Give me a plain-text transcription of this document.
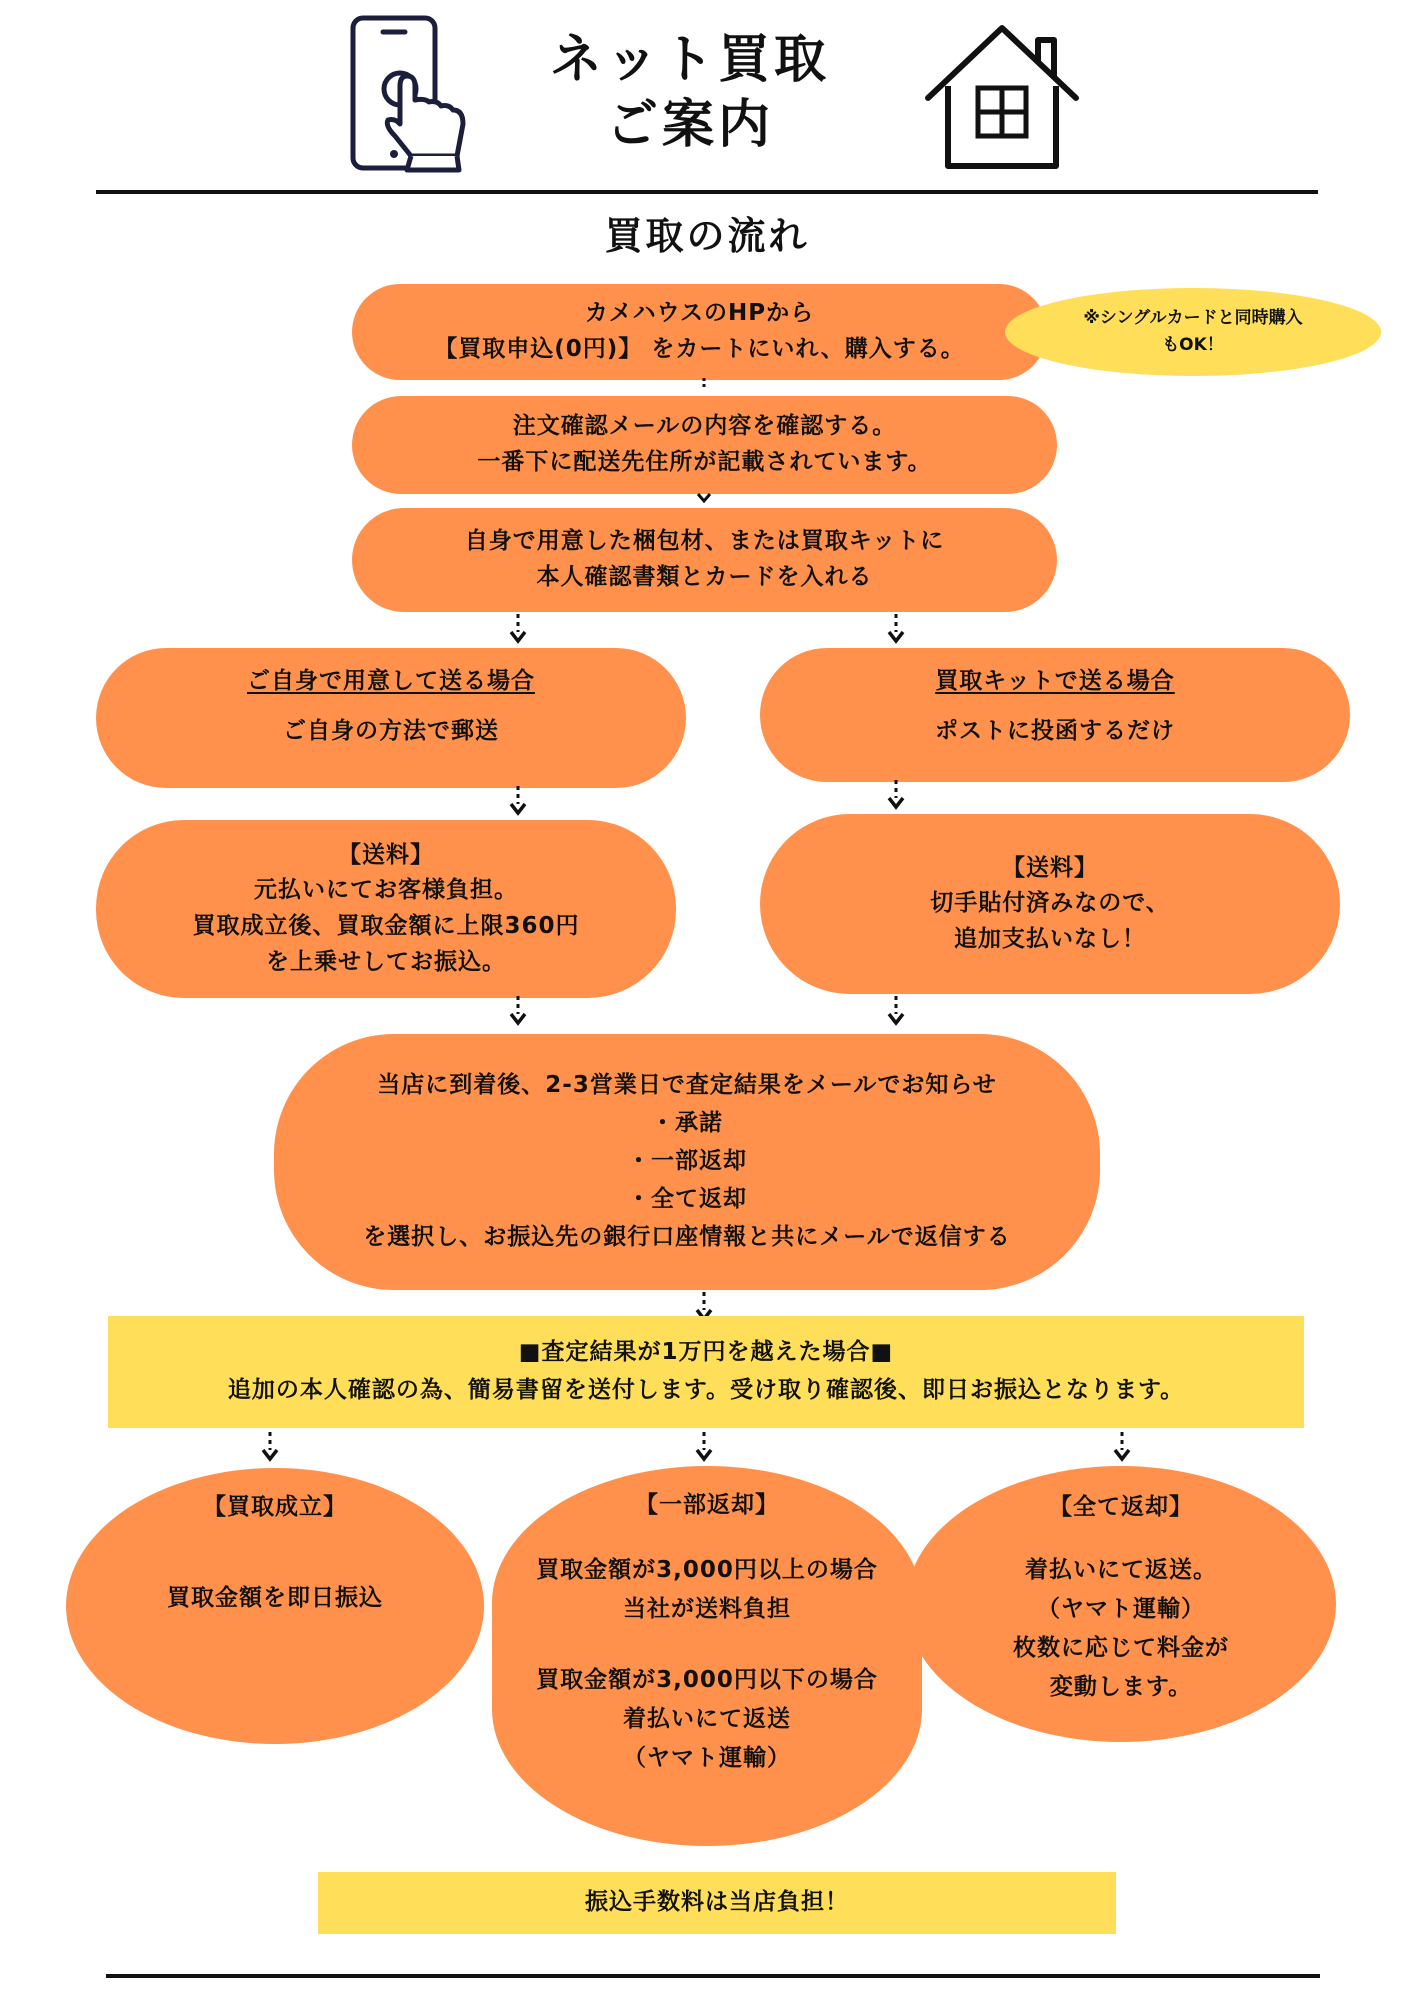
ネット買取
ご案内
買取の流れ
カメハウスのHPから
【買取申込(0円)】 をカートにいれ、購入する。
※シングルカードと同時購入
もOK！
注文確認メールの内容を確認する。
一番下に配送先住所が記載されています。
自身で用意した梱包材、または買取キットに
本人確認書類とカードを入れる
ご自身で用意して送る場合
ご自身の方法で郵送
買取キットで送る場合
ポストに投函するだけ
【送料】
元払いにてお客様負担。
買取成立後、買取金額に上限360円
を上乗せしてお振込。
【送料】
切手貼付済みなので、
追加支払いなし！
当店に到着後、2-3営業日で査定結果をメールでお知らせ
・承諾
・一部返却
・全て返却
を選択し、お振込先の銀行口座情報と共にメールで返信する
■査定結果が1万円を越えた場合■
追加の本人確認の為、簡易書留を送付します。受け取り確認後、即日お振込となります。
【買取成立】
買取金額を即日振込
【一部返却】
買取金額が3,000円以上の場合
当社が送料負担
買取金額が3,000円以下の場合
着払いにて返送
（ヤマト運輸）
【全て返却】
着払いにて返送。
（ヤマト運輸）
枚数に応じて料金が
変動します。
振込手数料は当店負担！
